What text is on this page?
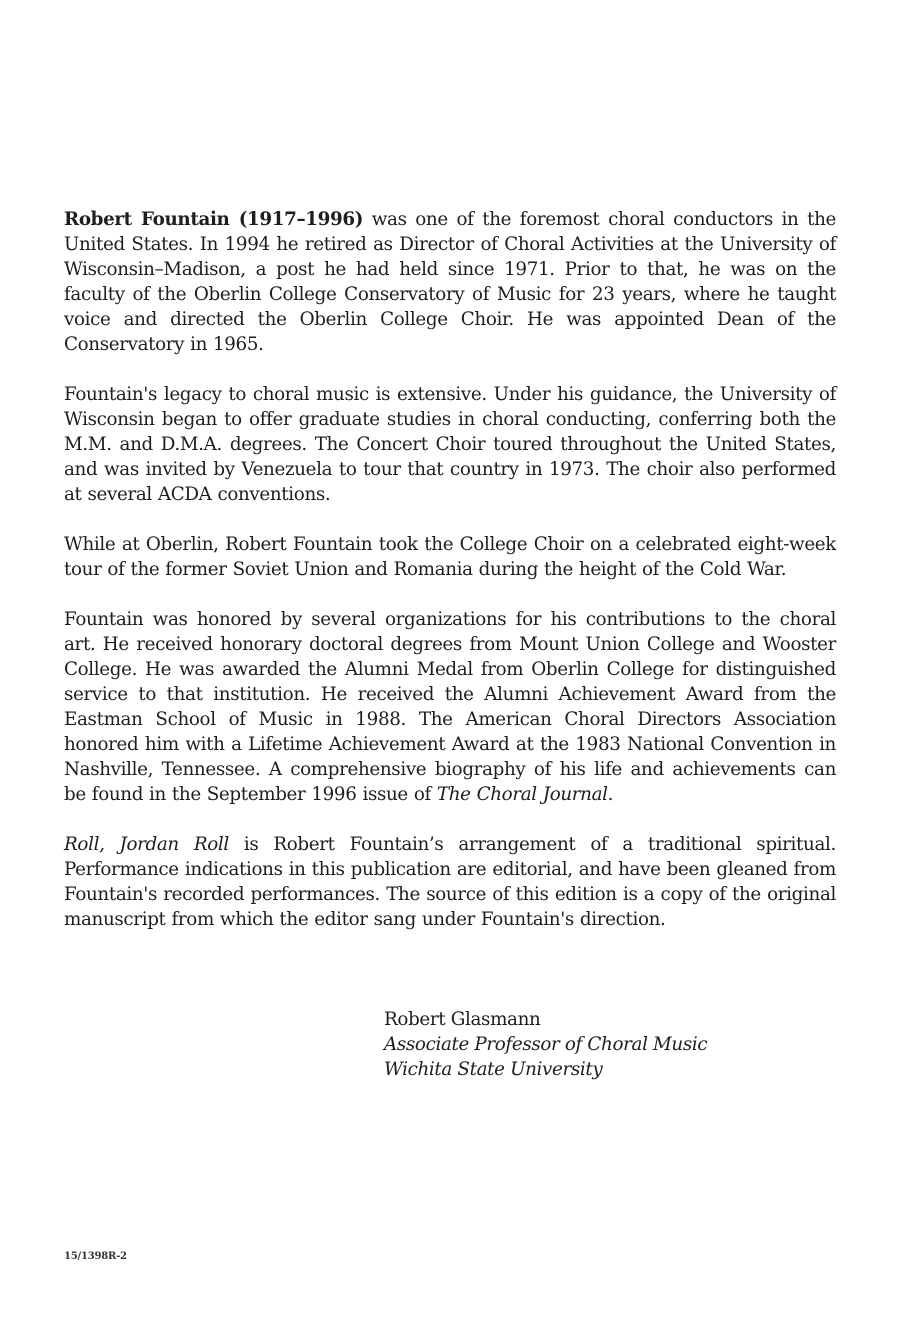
Robert Fountain (1917–1996) was one of the foremost choral conductors in the United States. In 1994 he retired as Director of Choral Activities at the University of Wisconsin–Madison, a post he had held since 1971. Prior to that, he was on the faculty of the Oberlin College Conservatory of Music for 23 years, where he taught voice and directed the Oberlin College Choir. He was appointed Dean of the Conservatory in 1965.

Fountain's legacy to choral music is extensive. Under his guidance, the University of Wisconsin began to offer graduate studies in choral conducting, conferring both the M.M. and D.M.A. degrees. The Concert Choir toured throughout the United States, and was invited by Venezuela to tour that country in 1973. The choir also performed at several ACDA conventions.

While at Oberlin, Robert Fountain took the College Choir on a celebrated eight-week tour of the former Soviet Union and Romania during the height of the Cold War.

Fountain was honored by several organizations for his contributions to the choral art. He received honorary doctoral degrees from Mount Union College and Wooster College. He was awarded the Alumni Medal from Oberlin College for distinguished service to that institution. He received the Alumni Achievement Award from the Eastman School of Music in 1988. The American Choral Directors Association honored him with a Lifetime Achievement Award at the 1983 National Convention in Nashville, Tennessee. A comprehensive biography of his life and achievements can be found in the September 1996 issue of The Choral Journal.

Roll, Jordan Roll is Robert Fountain’s arrangement of a traditional spiritual. Performance indications in this publication are editorial, and have been gleaned from Fountain's recorded performances. The source of this edition is a copy of the original manuscript from which the editor sang under Fountain's direction.

Robert Glasmann
Associate Professor of Choral Music
Wichita State University
15/1398R-2
